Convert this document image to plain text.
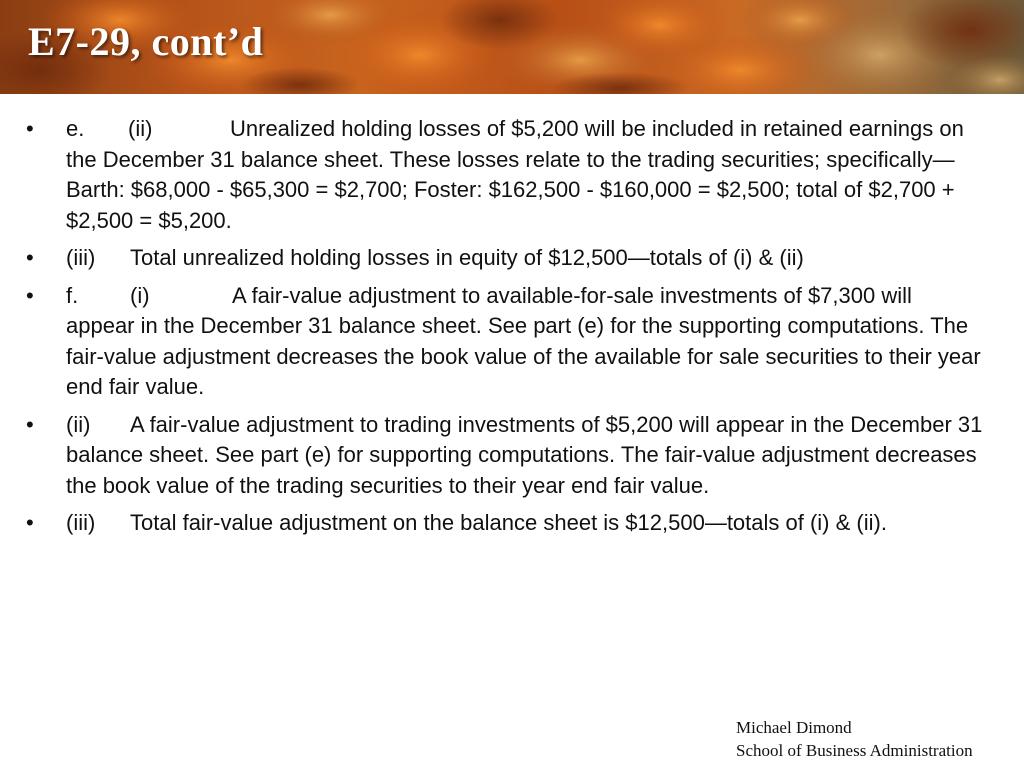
E7-29, cont’d
• e. (ii)	Unrealized holding losses of $5,200 will be included in retained earnings on the December 31 balance sheet. These losses relate to the trading securities; specifically— Barth: $68,000 - $65,300 = $2,700; Foster: $162,500 - $160,000 = $2,500; total of $2,700 + $2,500 = $5,200.
• (iii) Total unrealized holding losses in equity of $12,500—totals of (i) & (ii)
• f. (i)	A fair-value adjustment to available-for-sale investments of $7,300 will appear in the December 31 balance sheet. See part (e) for the supporting computations. The fair-value adjustment decreases the book value of the available for sale securities to their year end fair value.
• (ii) A fair-value adjustment to trading investments of $5,200 will appear in the December 31 balance sheet. See part (e) for supporting computations. The fair-value adjustment decreases the book value of the trading securities to their year end fair value.
• (iii) Total fair-value adjustment on the balance sheet is $12,500—totals of (i) & (ii).
Michael Dimond
School of Business Administration
